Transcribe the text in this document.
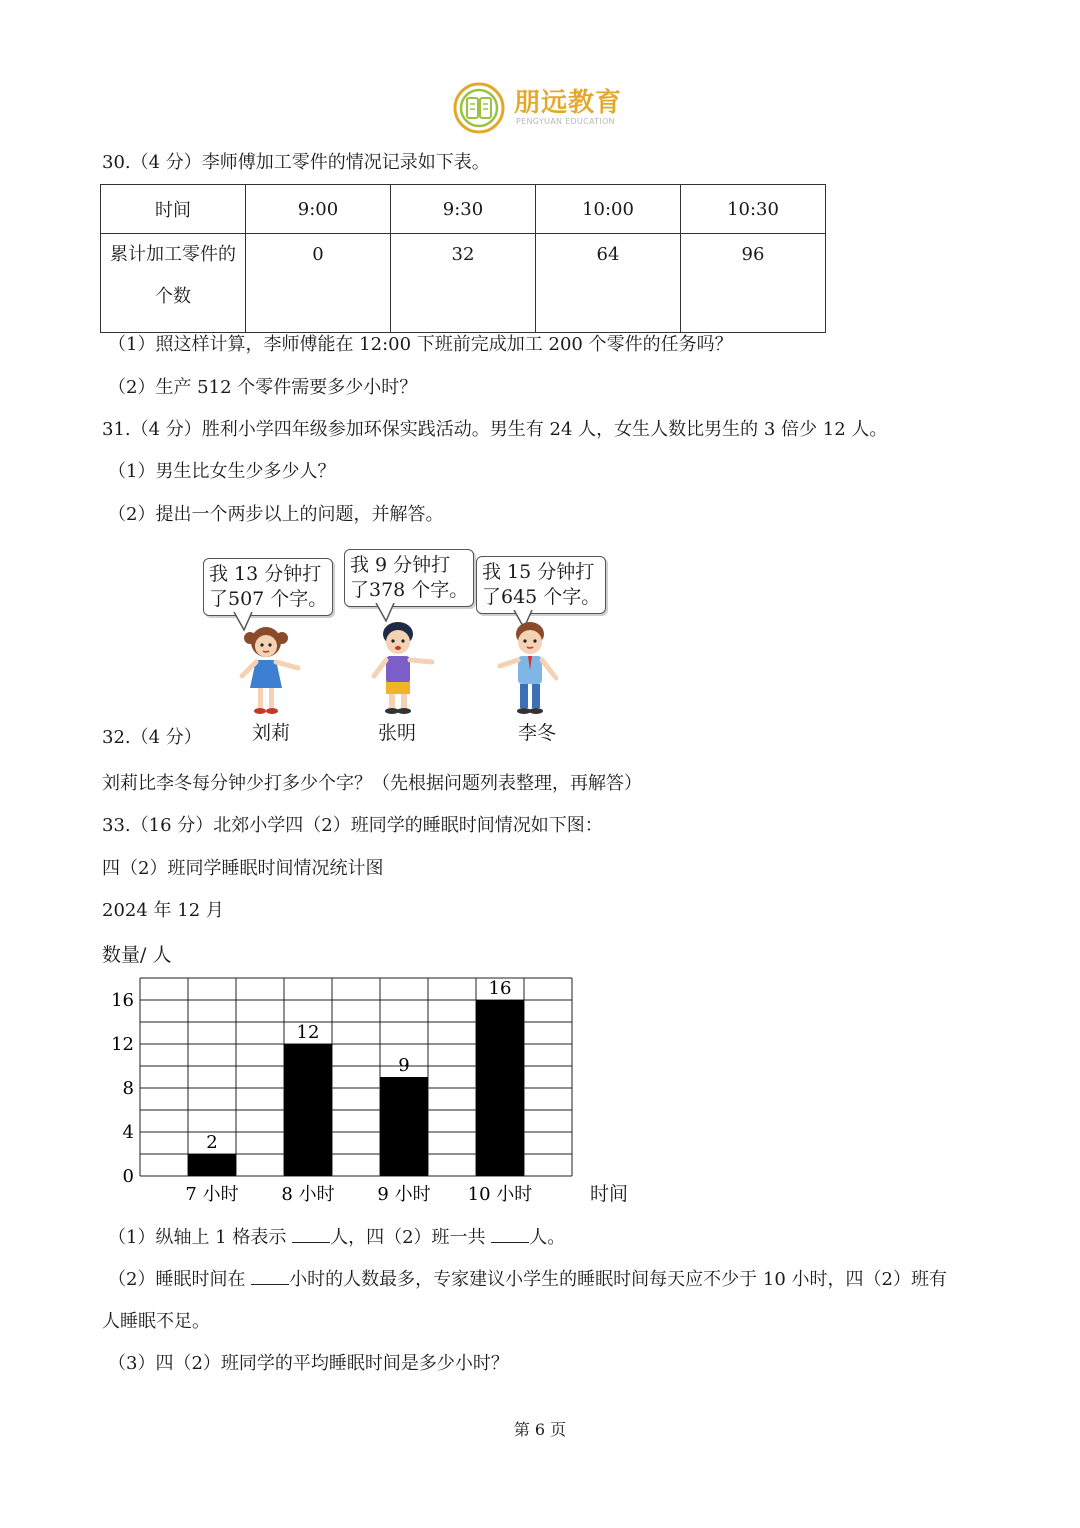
朋远教育
PENGYUAN EDUCATION
30.（4 分）李师傅加工零件的情况记录如下表。
时间	9:00	9:30	10:00	10:30

累计加工零件的
个数	0	32	64	96
（1）照这样计算，李师傅能在 12:00 下班前完成加工 200 个零件的任务吗？
（2）生产 512 个零件需要多少小时？
31.（4 分）胜利小学四年级参加环保实践活动。男生有 24 人，女生人数比男生的 3 倍少 12 人。
（1）男生比女生少多少人？
（2）提出一个两步以上的问题，并解答。
我 13 分钟打
了507 个字。
我 9 分钟打
了378 个字。
我 15 分钟打
了645 个字。
刘莉	张明	李冬
32.（4 分）
刘莉比李冬每分钟少打多少个字？（先根据问题列表整理，再解答）
33.（16 分）北郊小学四（2）班同学的睡眠时间情况如下图：
四（2）班同学睡眠时间情况统计图
2024 年 12 月
数量/ 人
0
4
8
12
16
2
7 小时
12
8 小时
9
9 小时
16
10 小时	时间
（1）纵轴上 1 格表示 人，四（2）班一共 人。
（2）睡眠时间在 小时的人数最多，专家建议小学生的睡眠时间每天应不少于 10 小时，四（2）班有
人睡眠不足。
（3）四（2）班同学的平均睡眠时间是多少小时？
第 6 页
